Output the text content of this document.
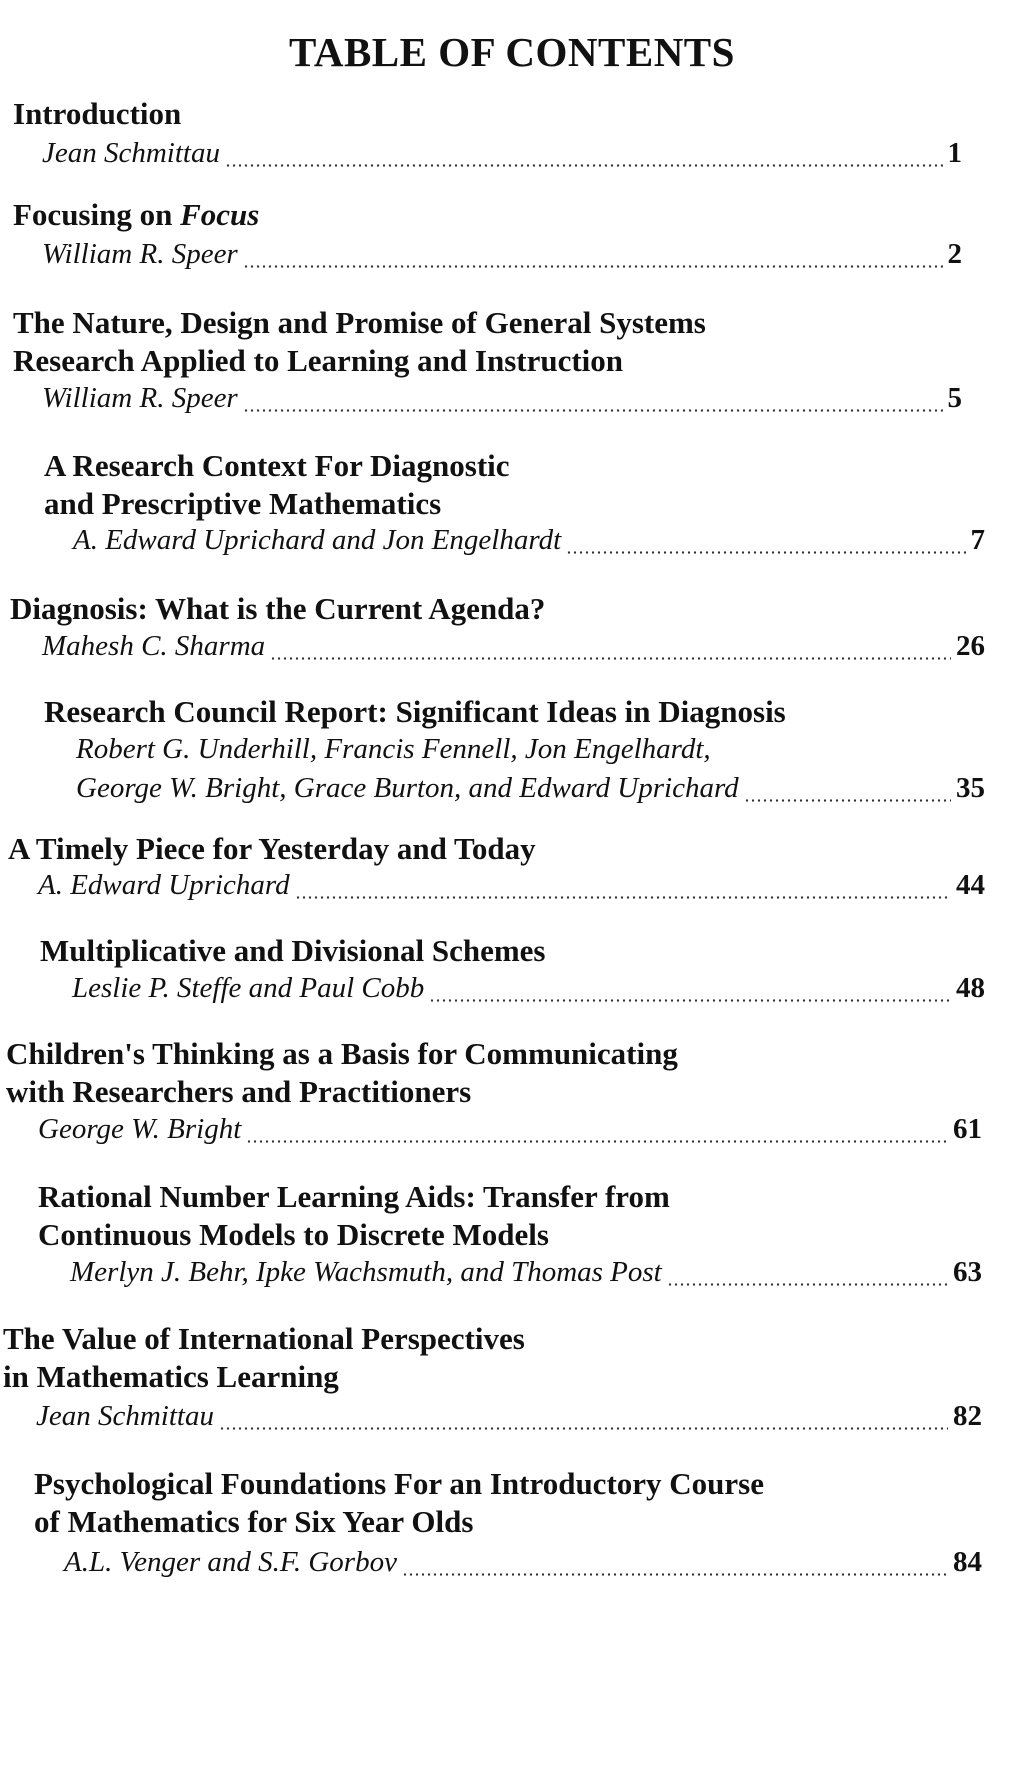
TABLE OF CONTENTS
Introduction
Jean Schmittau	1
Focusing on Focus
William R. Speer	2
The Nature, Design and Promise of General Systems
Research Applied to Learning and Instruction
William R. Speer	5
A Research Context For Diagnostic
and Prescriptive Mathematics
A. Edward Uprichard and Jon Engelhardt	7
Diagnosis: What is the Current Agenda?
Mahesh C. Sharma	26
Research Council Report: Significant Ideas in Diagnosis
Robert G. Underhill, Francis Fennell, Jon Engelhardt,
George W. Bright, Grace Burton, and Edward Uprichard	35
A Timely Piece for Yesterday and Today
A. Edward Uprichard	44
Multiplicative and Divisional Schemes
Leslie P. Steffe and Paul Cobb	48
Children's Thinking as a Basis for Communicating
with Researchers and Practitioners
George W. Bright	61
Rational Number Learning Aids: Transfer from
Continuous Models to Discrete Models
Merlyn J. Behr, Ipke Wachsmuth, and Thomas Post	63
The Value of International Perspectives
in Mathematics Learning
Jean Schmittau	82
Psychological Foundations For an Introductory Course
of Mathematics for Six Year Olds
A.L. Venger and S.F. Gorbov	84
